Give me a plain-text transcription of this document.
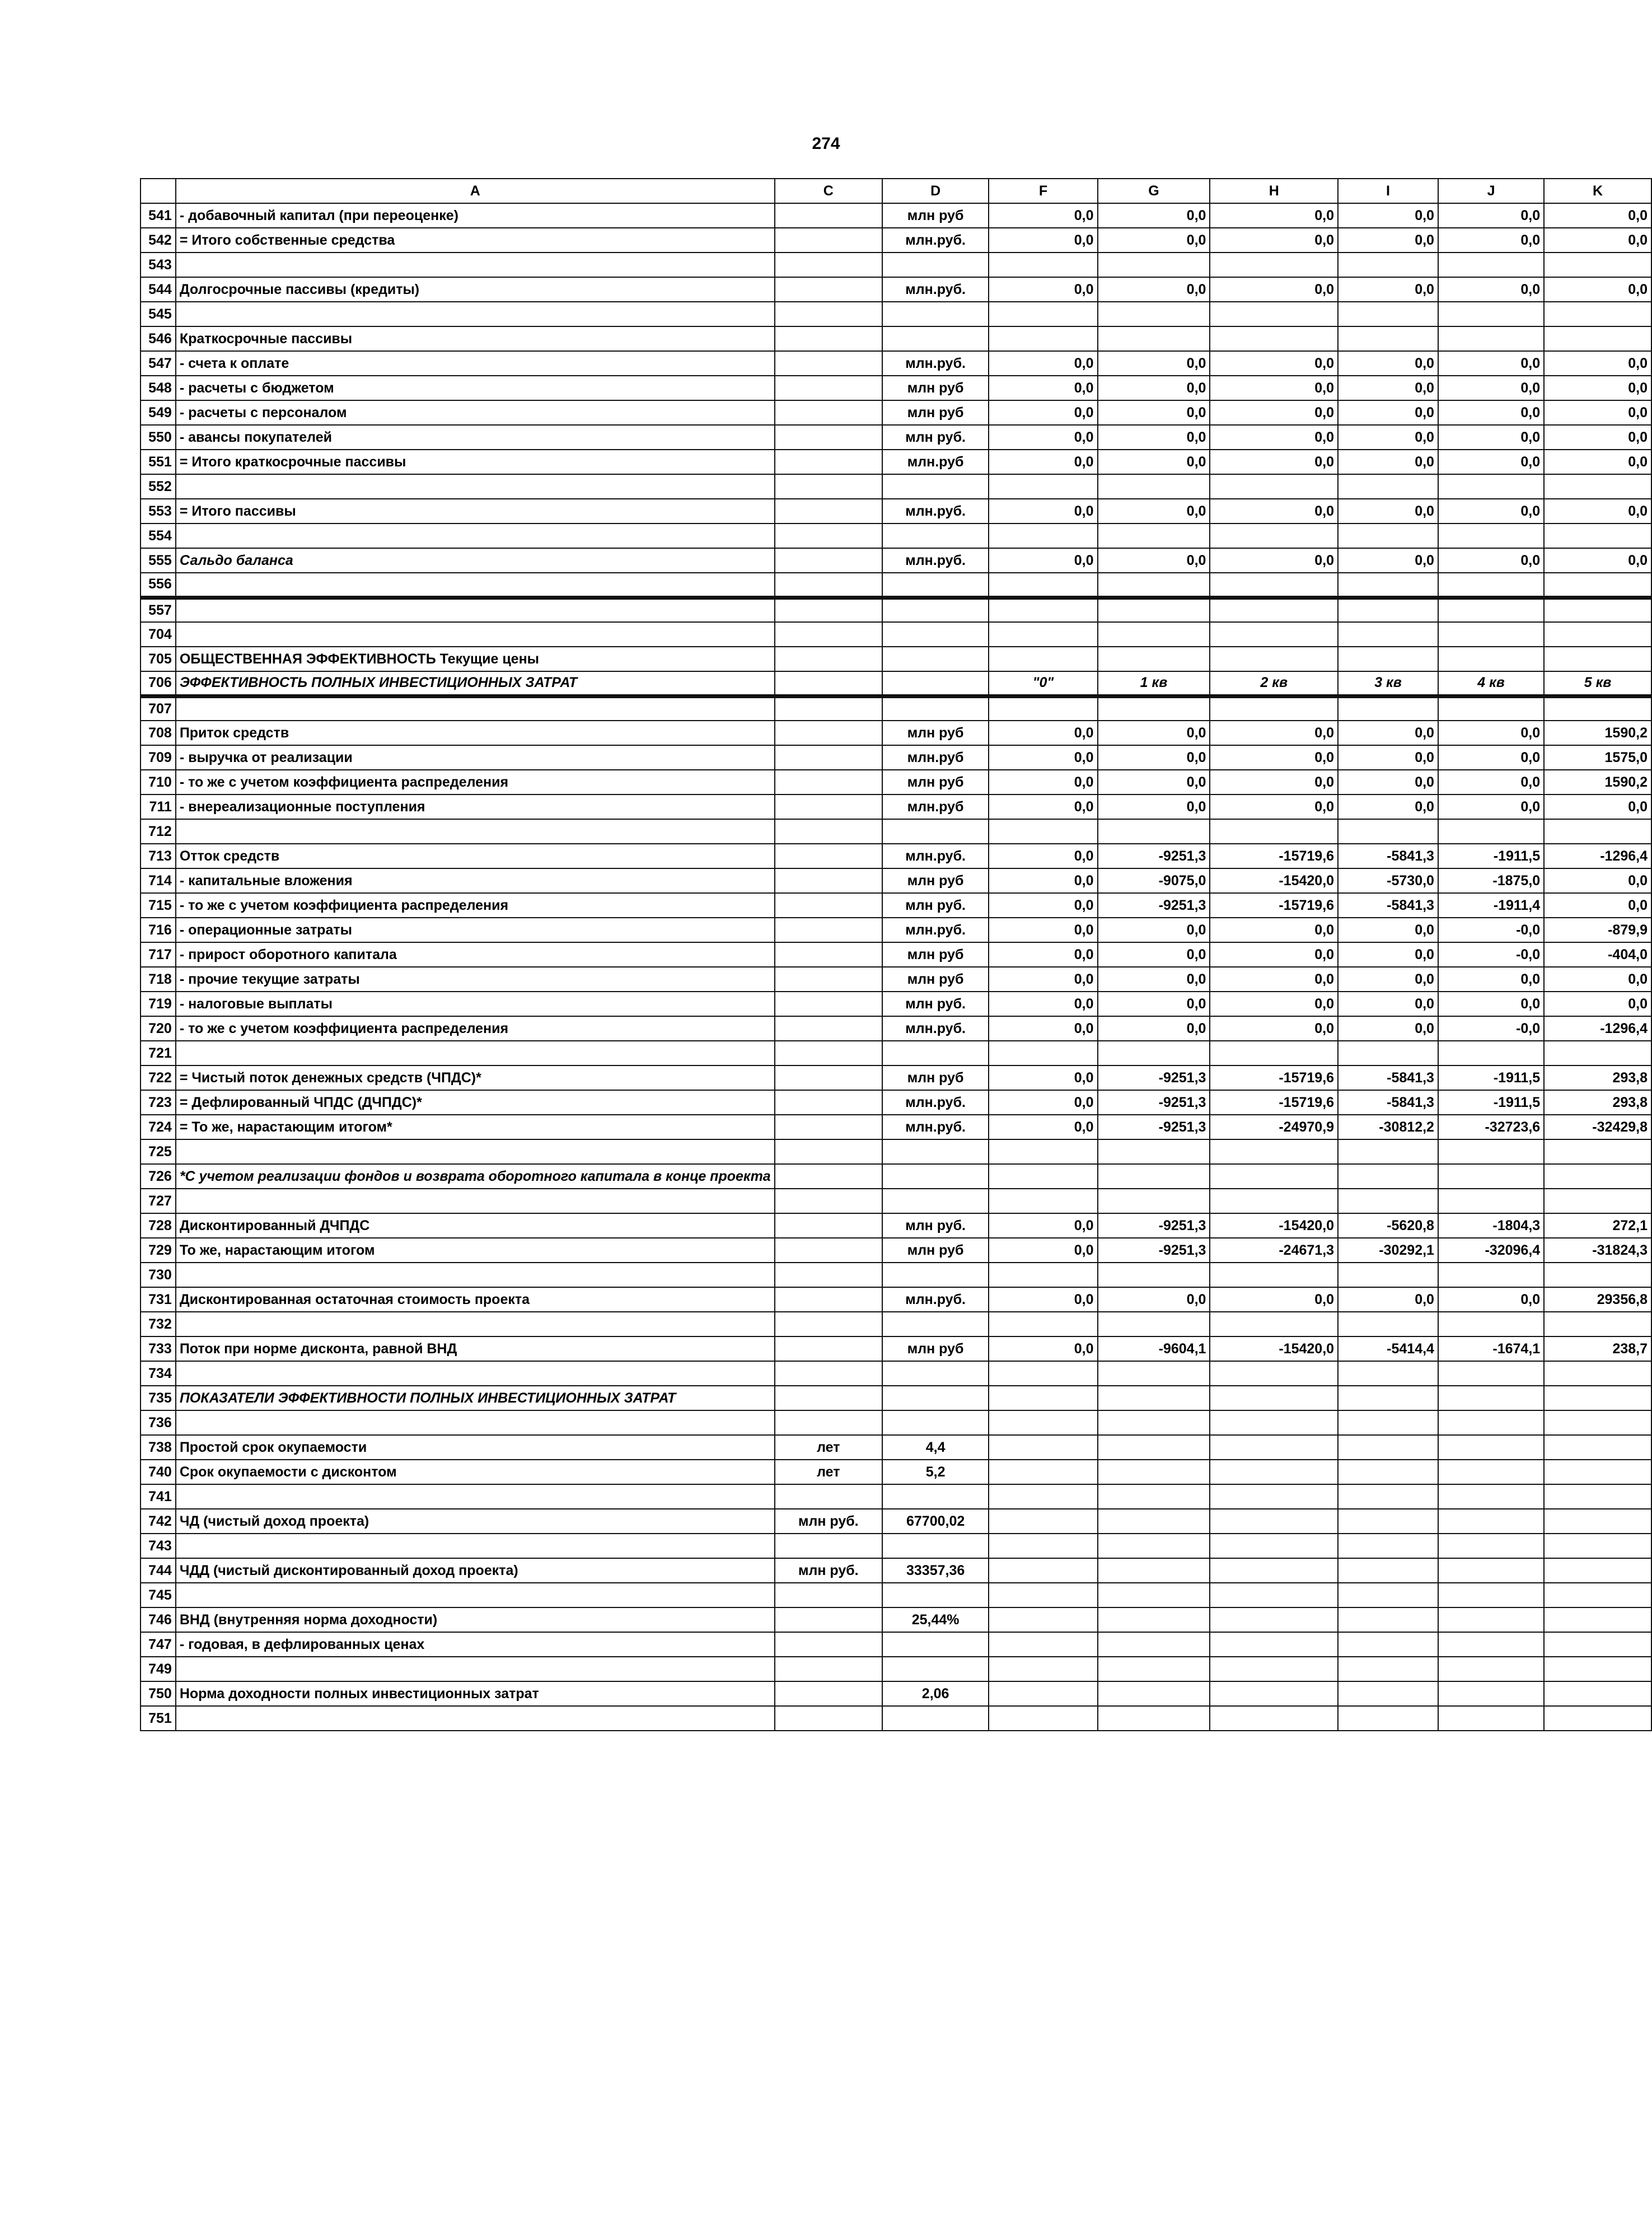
274
	A	C	D	F	G	H	I	J	K
541	- добавочный капитал (при переоценке)		млн руб	0,0	0,0	0,0	0,0	0,0	0,0
542	= Итого собственные средства		млн.руб.	0,0	0,0	0,0	0,0	0,0	0,0
543									
544	Долгосрочные пассивы (кредиты)		млн.руб.	0,0	0,0	0,0	0,0	0,0	0,0
545									
546	Краткосрочные пассивы								
547	- счета к оплате		млн.руб.	0,0	0,0	0,0	0,0	0,0	0,0
548	- расчеты с бюджетом		млн руб	0,0	0,0	0,0	0,0	0,0	0,0
549	- расчеты с персоналом		млн руб	0,0	0,0	0,0	0,0	0,0	0,0
550	- авансы покупателей		млн руб.	0,0	0,0	0,0	0,0	0,0	0,0
551	= Итого краткосрочные пассивы		млн.руб	0,0	0,0	0,0	0,0	0,0	0,0
552									
553	= Итого пассивы		млн.руб.	0,0	0,0	0,0	0,0	0,0	0,0
554									
555	Сальдо баланса		млн.руб.	0,0	0,0	0,0	0,0	0,0	0,0
556									
557									
704									
705	ОБЩЕСТВЕННАЯ ЭФФЕКТИВНОСТЬ Текущие цены								
706	ЭФФЕКТИВНОСТЬ ПОЛНЫХ ИНВЕСТИЦИОННЫХ ЗАТРАТ			"0"	1 кв	2 кв	3 кв	4 кв	5 кв
707									
708	Приток средств		млн руб	0,0	0,0	0,0	0,0	0,0	1590,2
709	- выручка от реализации		млн.руб	0,0	0,0	0,0	0,0	0,0	1575,0
710	- то же с учетом коэффициента распределения		млн руб	0,0	0,0	0,0	0,0	0,0	1590,2
711	- внереализационные поступления		млн.руб	0,0	0,0	0,0	0,0	0,0	0,0
712									
713	Отток средств		млн.руб.	0,0	-9251,3	-15719,6	-5841,3	-1911,5	-1296,4
714	- капитальные вложения		млн руб	0,0	-9075,0	-15420,0	-5730,0	-1875,0	0,0
715	- то же с учетом коэффициента распределения		млн руб.	0,0	-9251,3	-15719,6	-5841,3	-1911,4	0,0
716	- операционные затраты		млн.руб.	0,0	0,0	0,0	0,0	-0,0	-879,9
717	- прирост оборотного капитала		млн руб	0,0	0,0	0,0	0,0	-0,0	-404,0
718	- прочие текущие затраты		млн руб	0,0	0,0	0,0	0,0	0,0	0,0
719	- налоговые выплаты		млн руб.	0,0	0,0	0,0	0,0	0,0	0,0
720	- то же с учетом коэффициента распределения		млн.руб.	0,0	0,0	0,0	0,0	-0,0	-1296,4
721									
722	= Чистый поток денежных средств (ЧПДС)*		млн руб	0,0	-9251,3	-15719,6	-5841,3	-1911,5	293,8
723	= Дефлированный ЧПДС (ДЧПДС)*		млн.руб.	0,0	-9251,3	-15719,6	-5841,3	-1911,5	293,8
724	= То же, нарастающим итогом*		млн.руб.	0,0	-9251,3	-24970,9	-30812,2	-32723,6	-32429,8
725									
726	*С учетом реализации фондов и возврата оборотного капитала в конце проекта								
727									
728	Дисконтированный ДЧПДС		млн руб.	0,0	-9251,3	-15420,0	-5620,8	-1804,3	272,1
729	То же, нарастающим итогом		млн руб	0,0	-9251,3	-24671,3	-30292,1	-32096,4	-31824,3
730									
731	Дисконтированная остаточная стоимость проекта		млн.руб.	0,0	0,0	0,0	0,0	0,0	29356,8
732									
733	Поток при норме дисконта, равной ВНД		млн руб	0,0	-9604,1	-15420,0	-5414,4	-1674,1	238,7
734									
735	ПОКАЗАТЕЛИ ЭФФЕКТИВНОСТИ ПОЛНЫХ ИНВЕСТИЦИОННЫХ ЗАТРАТ								
736									
738	Простой срок окупаемости	лет	4,4						
740	Срок окупаемости с дисконтом	лет	5,2						
741									
742	ЧД (чистый доход проекта)	млн руб.	67700,02						
743									
744	ЧДД (чистый дисконтированный доход проекта)	млн руб.	33357,36						
745									
746	ВНД (внутренняя норма доходности)		25,44%						
747	- годовая, в дефлированных ценах								
749									
750	Норма доходности полных инвестиционных затрат		2,06						
751									
